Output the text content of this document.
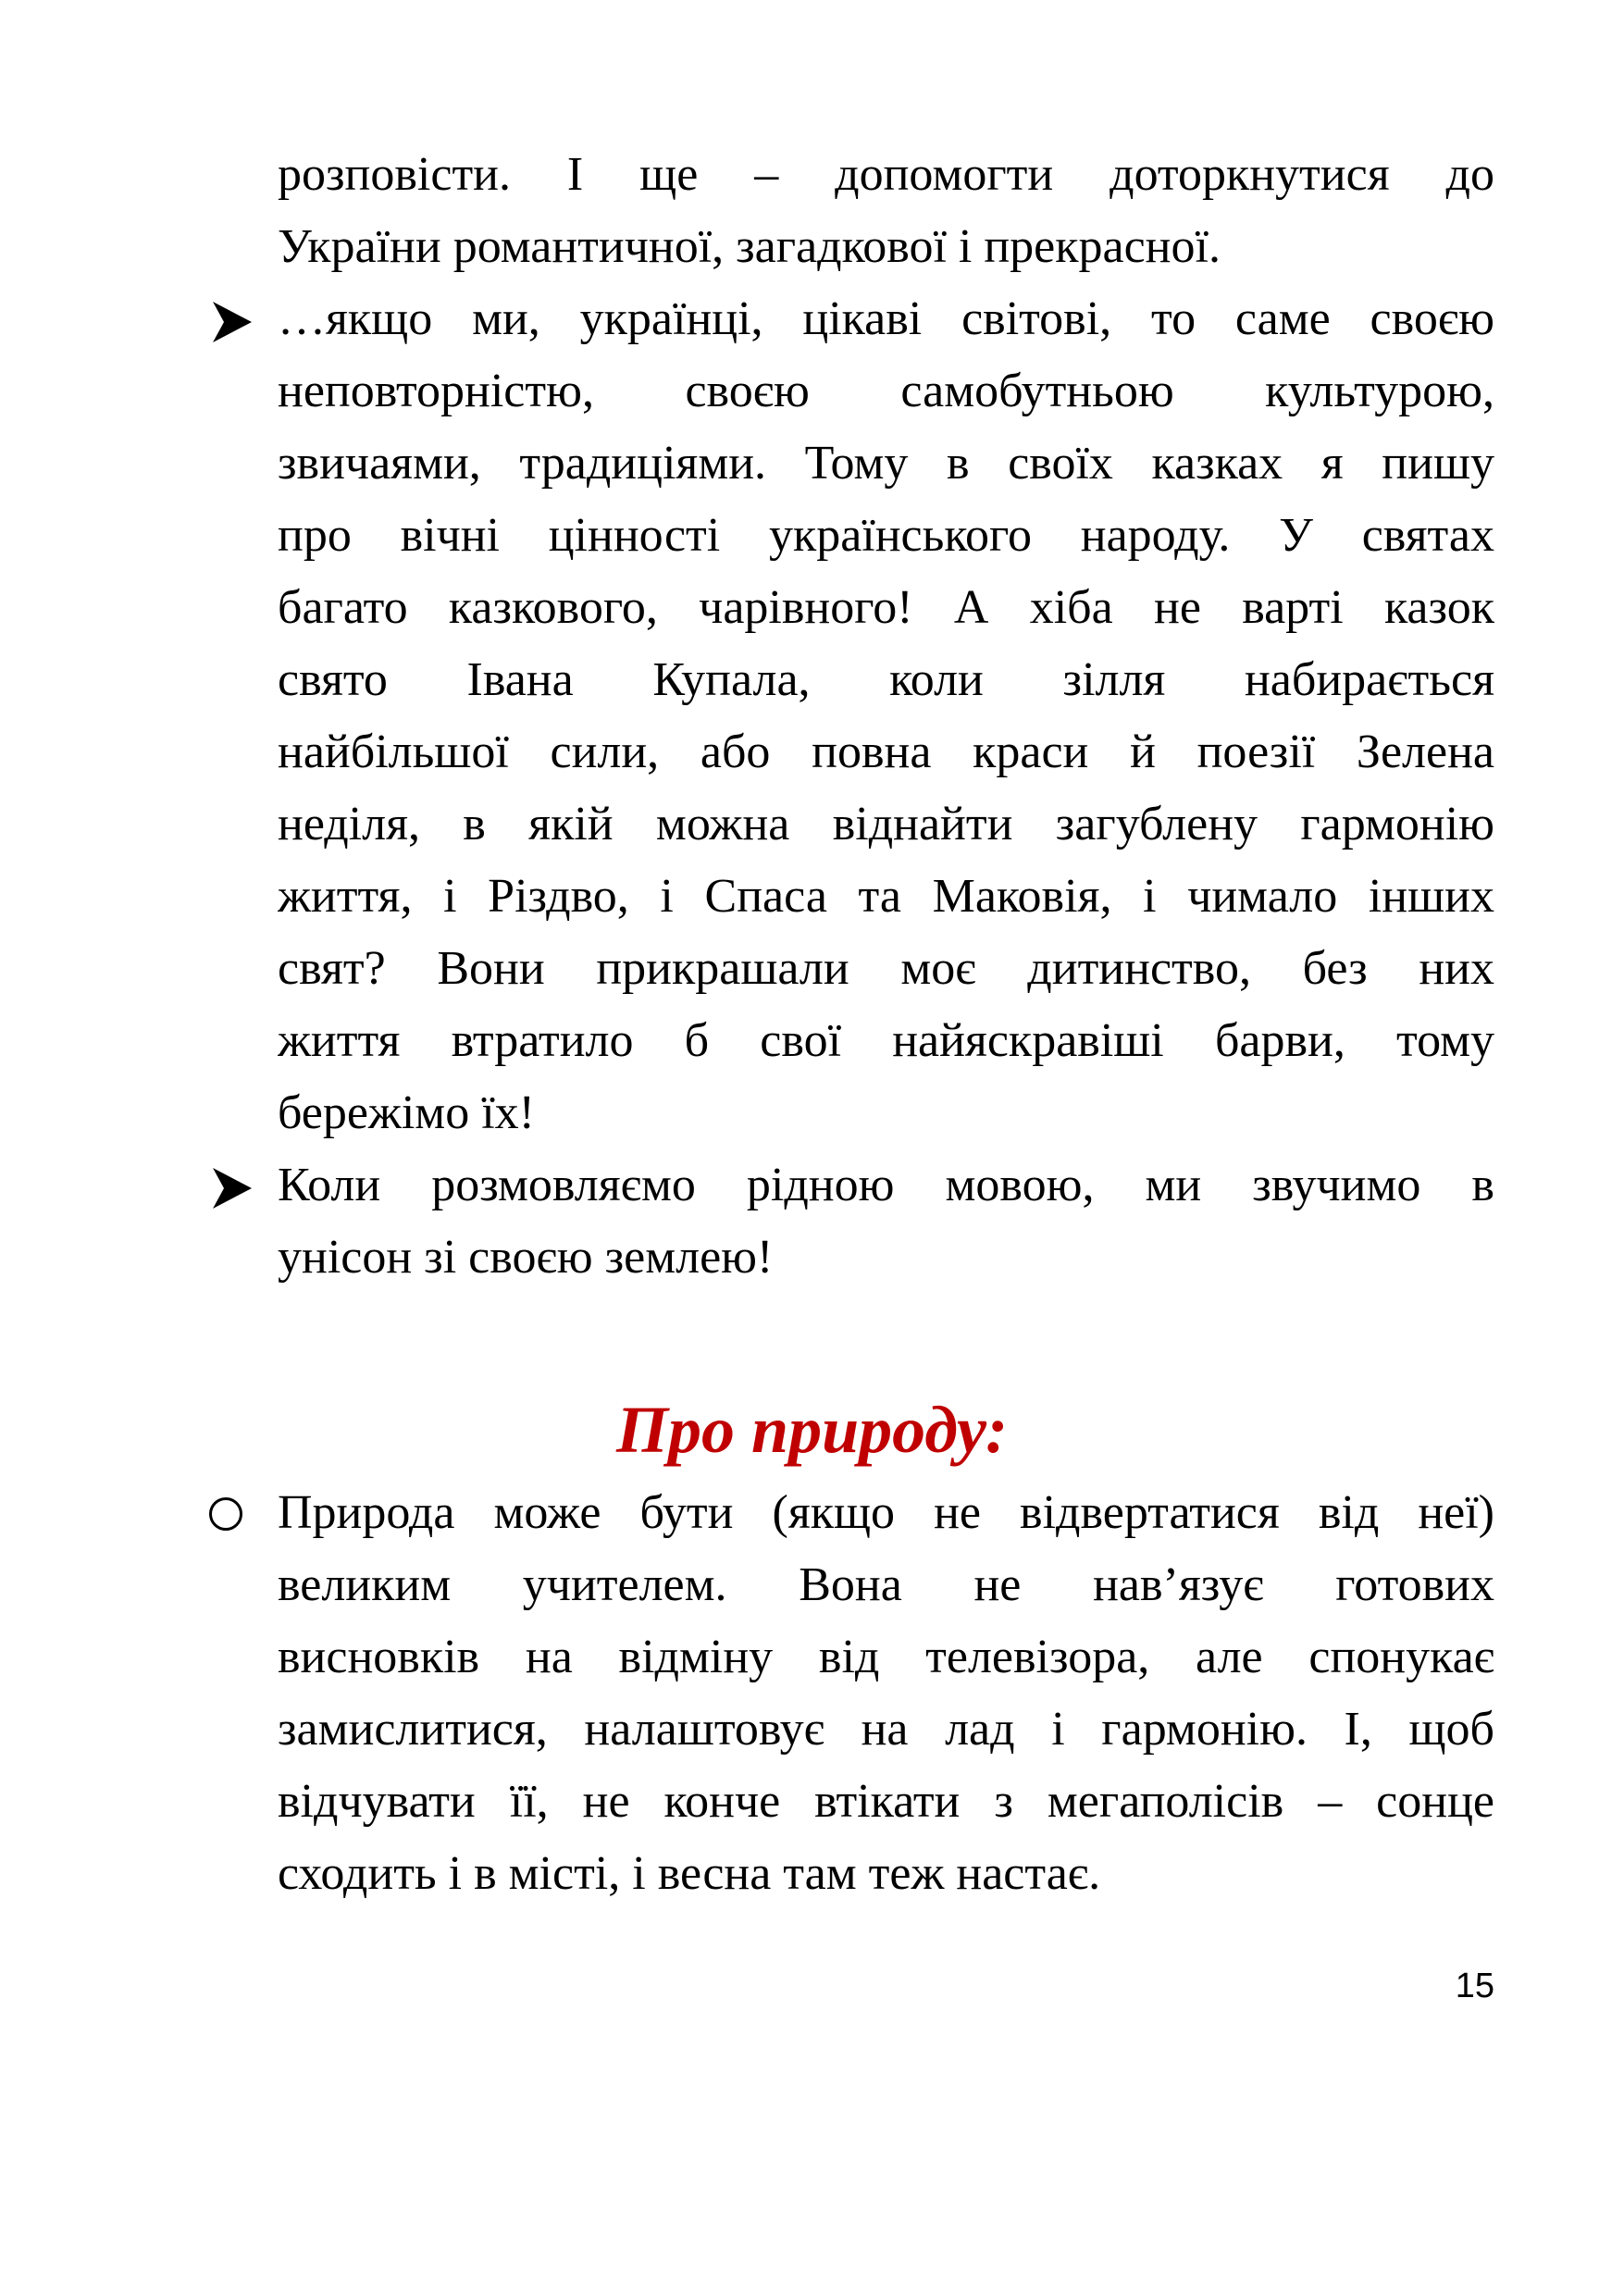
розповісти. І ще – допомогти доторкнутися до
України романтичної, загадкової і прекрасної.
…якщо ми, українці, цікаві світові, то саме своєю
неповторністю, своєю самобутньою культурою,
звичаями, традиціями. Тому в своїх казках я пишу
про вічні цінності українського народу. У святах
багато казкового, чарівного! А хіба не варті казок
свято Івана Купала, коли зілля набирається
найбільшої сили, або повна краси й поезії Зелена
неділя, в якій можна віднайти загублену гармонію
життя, і Різдво, і Спаса та Маковія, і чимало інших
свят? Вони прикрашали моє дитинство, без них
життя втратило б свої найяскравіші барви, тому
бережімо їх!
Коли розмовляємо рідною мовою, ми звучимо в
унісон зі своєю землею!
Про природу:
Природа може бути (якщо не відвертатися від неї)
великим учителем. Вона не нав’язує готових
висновків на відміну від телевізора, але спонукає
замислитися, налаштовує на лад і гармонію. І, щоб
відчувати її, не конче втікати з мегаполісів – сонце
сходить і в місті, і весна там теж настає.
15
